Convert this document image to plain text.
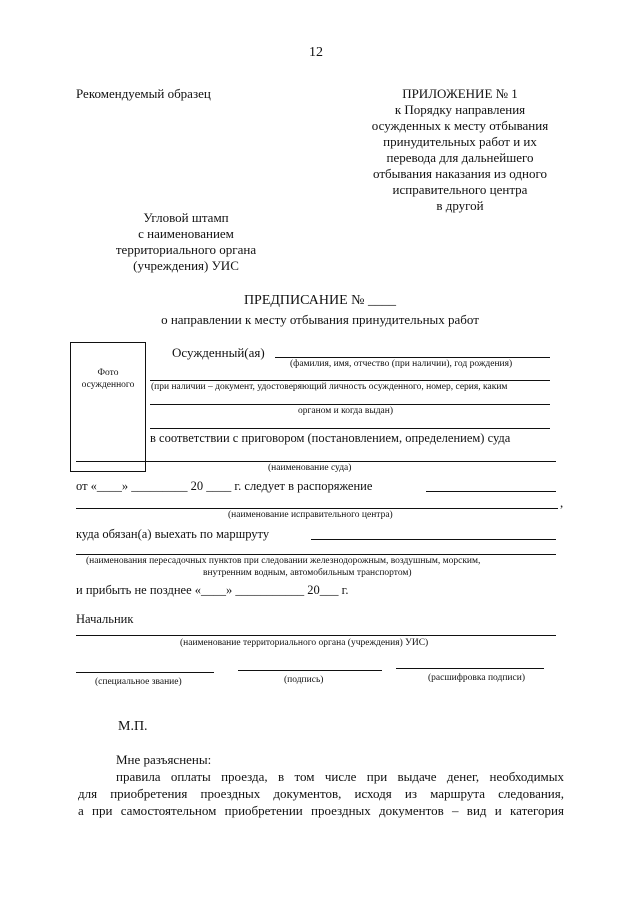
12
Рекомендуемый образец	ПРИЛОЖЕНИЕ № 1
к Порядку направления
осужденных к месту отбывания
принудительных работ и их
перевода для дальнейшего
отбывания наказания из одного
исправительного центра
в другой
Угловой штамп
с наименованием
территориального органа
(учреждения) УИС
ПРЕДПИСАНИЕ № ____
о направлении к месту отбывания принудительных работ
Фото
осужденного
Осужденный(ая)
(фамилия, имя, отчество (при наличии), год рождения)
(при наличии – документ, удостоверяющий личность осужденного, номер, серия, каким
органом и когда выдан)
в соответствии с приговором (постановлением, определением) суда
(наименование суда)
от «____» _________ 20 ____ г. следует в распоряжение
,
(наименование исправительного центра)
куда обязан(а) выехать по маршруту
(наименования пересадочных пунктов при следовании железнодорожным, воздушным, морским,
внутренним водным, автомобильным транспортом)
и прибыть не позднее «____» ___________ 20___ г.
Начальник
(наименование территориального органа (учреждения) УИС)
(специальное звание)	(подпись)	(расшифровка подписи)
М.П.
Мне разъяснены:
правила оплаты проезда, в том числе при выдаче денег, необходимых
для приобретения проездных документов, исходя из маршрута следования,
а при самостоятельном приобретении проездных документов – вид и категория
